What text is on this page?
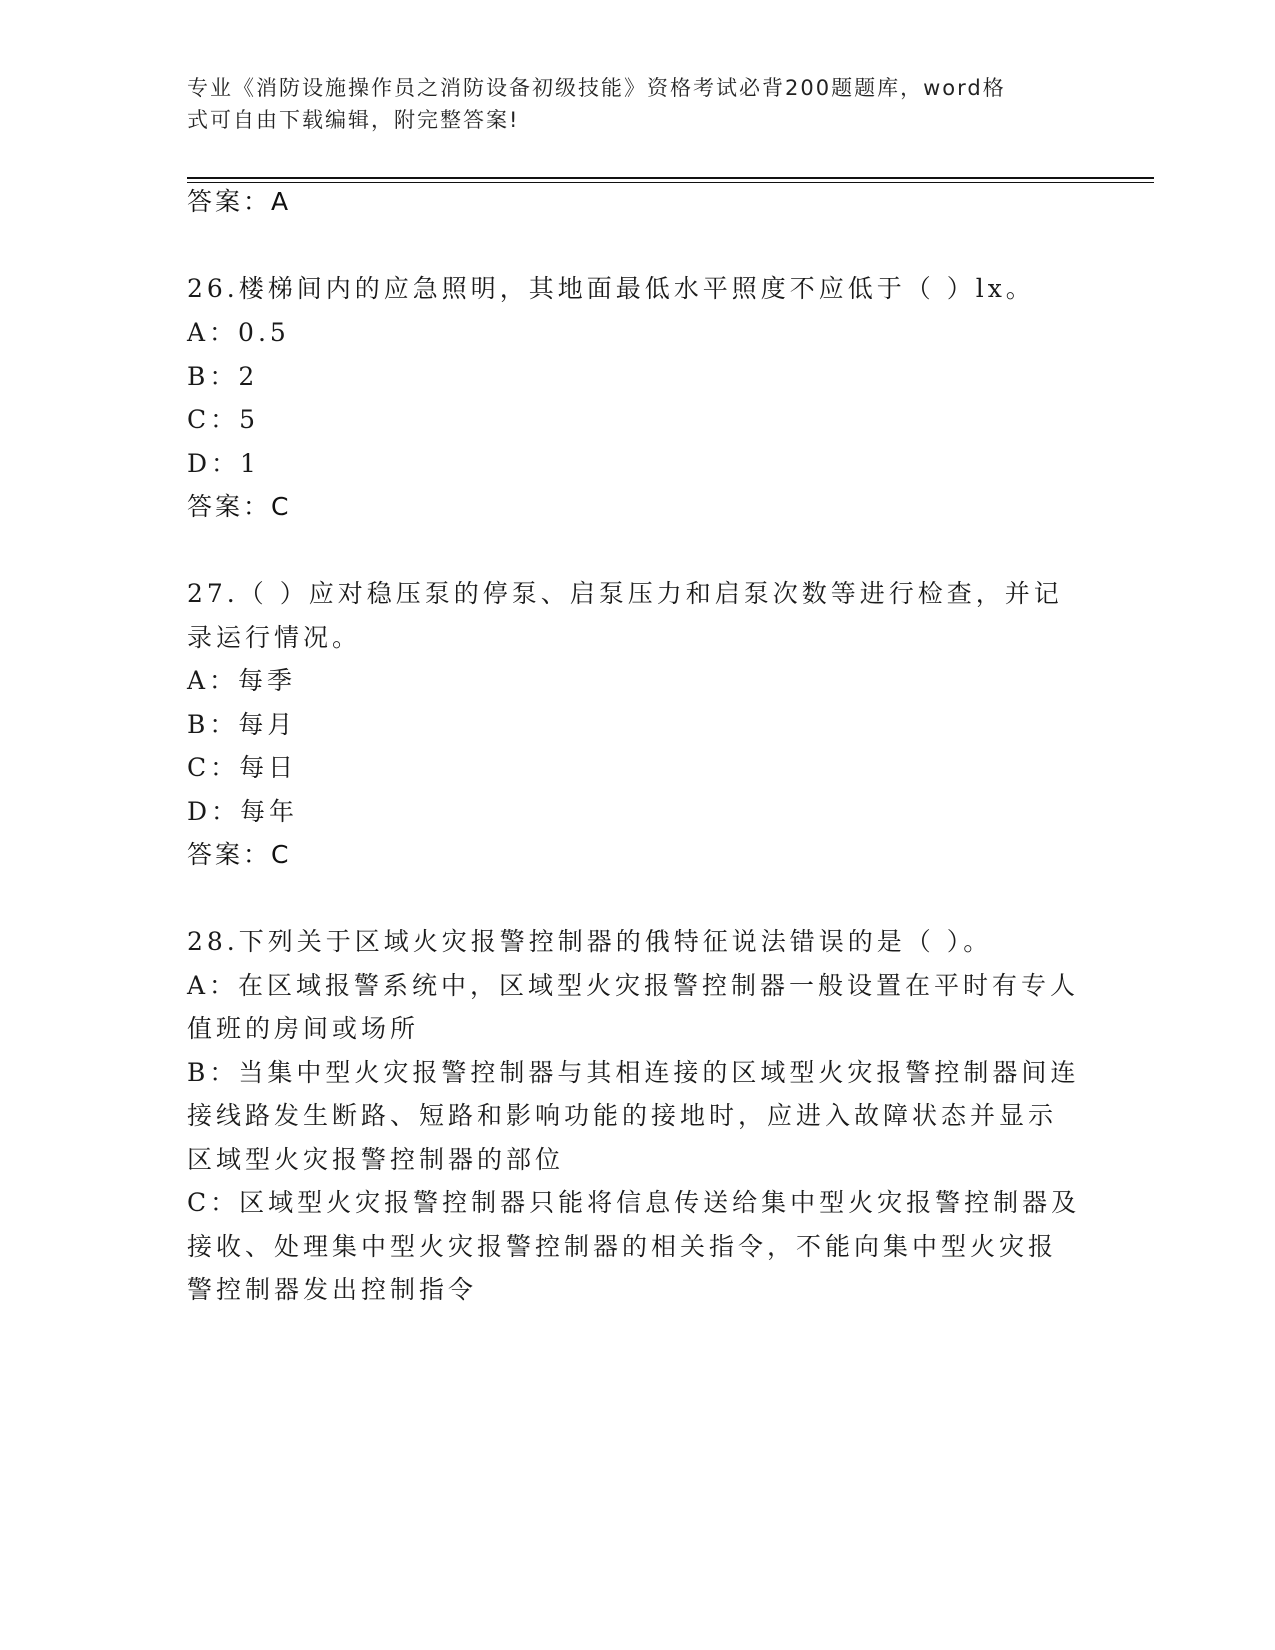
专业《消防设施操作员之消防设备初级技能》资格考试必背200题题库，word格
式可自由下载编辑，附完整答案!
答案：A
26.楼梯间内的应急照明，其地面最低水平照度不应低于（ ）lx。
A：0.5
B：2
C：5
D：1
答案：C
27.（ ）应对稳压泵的停泵、启泵压力和启泵次数等进行检查，并记
录运行情况。
A：每季
B：每月
C：每日
D：每年
答案：C
28.下列关于区域火灾报警控制器的俄特征说法错误的是（ ）。
A：在区域报警系统中，区域型火灾报警控制器一般设置在平时有专人
值班的房间或场所
B：当集中型火灾报警控制器与其相连接的区域型火灾报警控制器间连
接线路发生断路、短路和影响功能的接地时，应进入故障状态并显示
区域型火灾报警控制器的部位
C：区域型火灾报警控制器只能将信息传送给集中型火灾报警控制器及
接收、处理集中型火灾报警控制器的相关指令，不能向集中型火灾报
警控制器发出控制指令
